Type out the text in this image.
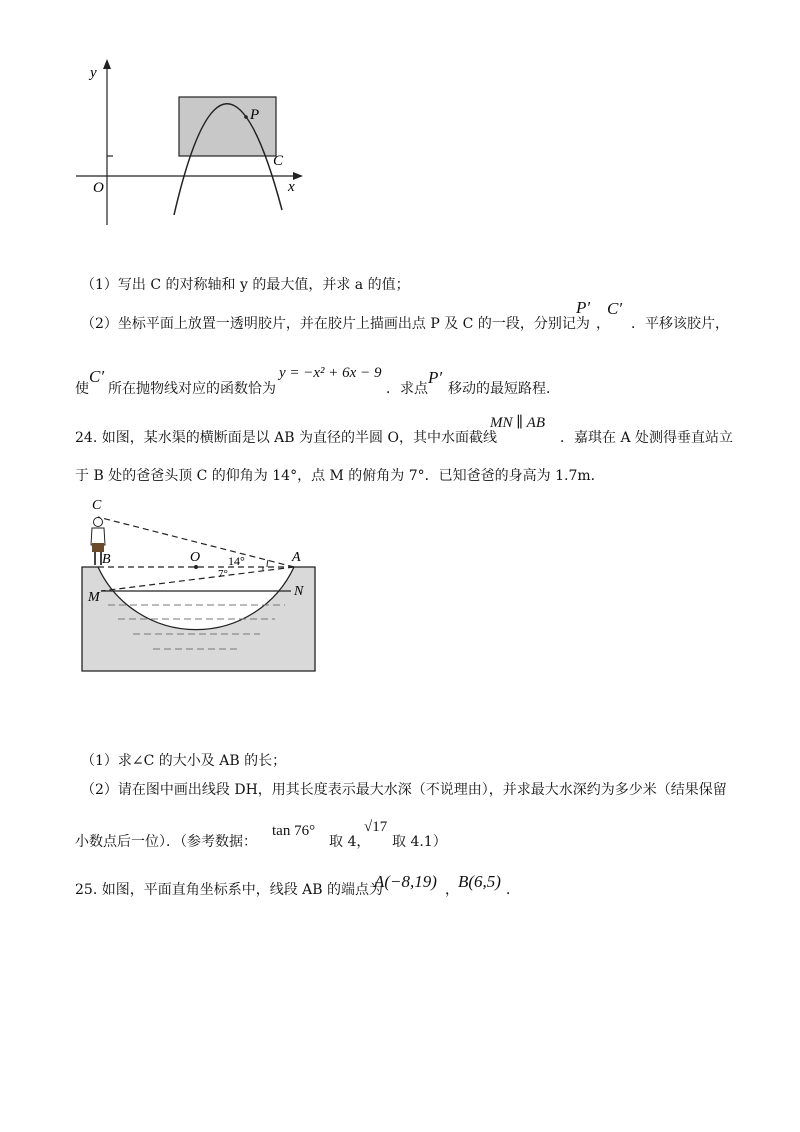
y
x
O
P
C
（1）写出 C 的对称轴和 y 的最大值，并求 a 的值；
（2）坐标平面上放置一透明胶片，并在胶片上描画出点 P 及 C 的一段，分别记为
P′
，
C′
．平移该胶片，
使
C′
所在抛物线对应的函数恰为
y = −x² + 6x − 9
．求点
P′
移动的最短路程．
24. 如图，某水渠的横断面是以 AB 为直径的半圆 O，其中水面截线
MN ∥ AB
．嘉琪在 A 处测得垂直站立
于 B 处的爸爸头顶 C 的仰角为 14°，点 M 的俯角为 7°．已知爸爸的身高为 1.7m．
C
B	O	A
M	N
14°
7°
（1）求∠C 的大小及 AB 的长；
（2）请在图中画出线段 DH，用其长度表示最大水深（不说理由），并求最大水深约为多少米（结果保留
小数点后一位）．（参考数据：
tan 76°
取 4，
√17
取 4.1）
25. 如图，平面直角坐标系中，线段 AB 的端点为
A(−8,19) ， B(6,5) ．
